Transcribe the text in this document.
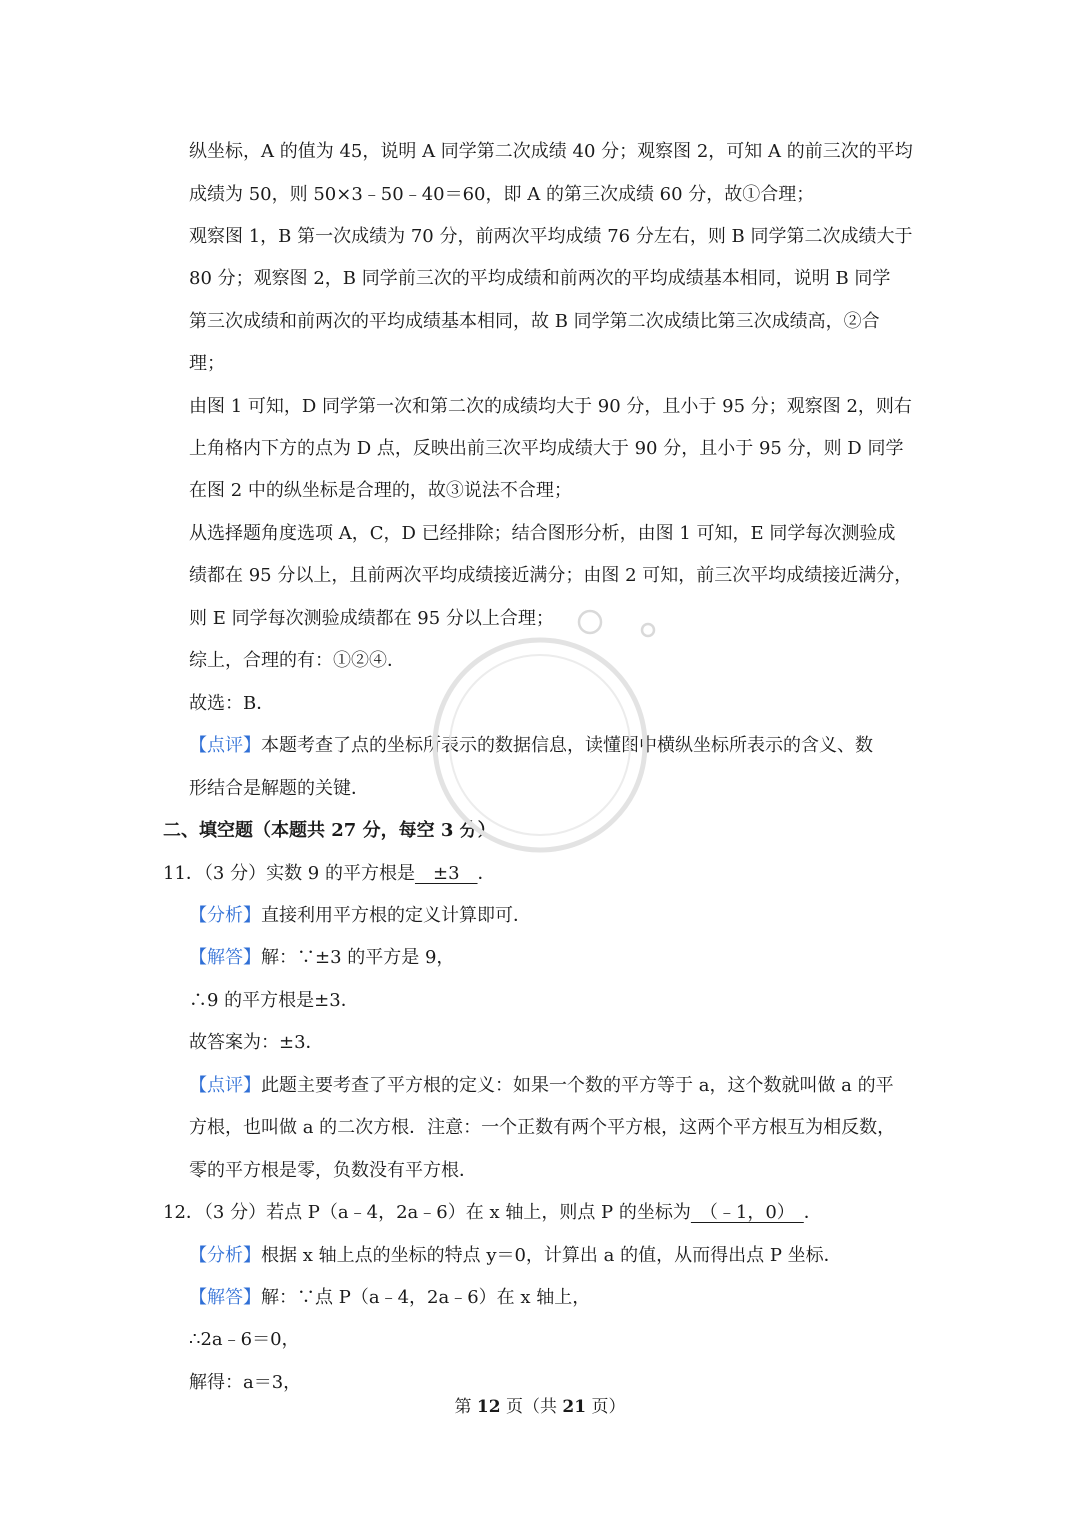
纵坐标，A 的值为 45，说明 A 同学第二次成绩 40 分；观察图 2，可知 A 的前三次的平均
成绩为 50，则 50×3﹣50﹣40＝60，即 A 的第三次成绩 60 分，故①合理；
观察图 1，B 第一次成绩为 70 分，前两次平均成绩 76 分左右，则 B 同学第二次成绩大于
80 分；观察图 2，B 同学前三次的平均成绩和前两次的平均成绩基本相同，说明 B 同学
第三次成绩和前两次的平均成绩基本相同，故 B 同学第二次成绩比第三次成绩高，②合
理；
由图 1 可知，D 同学第一次和第二次的成绩均大于 90 分，且小于 95 分；观察图 2，则右
上角格内下方的点为 D 点，反映出前三次平均成绩大于 90 分，且小于 95 分，则 D 同学
在图 2 中的纵坐标是合理的，故③说法不合理；
从选择题角度选项 A，C，D 已经排除；结合图形分析，由图 1 可知，E 同学每次测验成
绩都在 95 分以上，且前两次平均成绩接近满分；由图 2 可知，前三次平均成绩接近满分，
则 E 同学每次测验成绩都在 95 分以上合理；
综上，合理的有：①②④．
故选：B．
【点评】本题考查了点的坐标所表示的数据信息，读懂图中横纵坐标所表示的含义、数
形结合是解题的关键．
二、填空题（本题共 27 分，每空 3 分）
11．（3 分）实数 9 的平方根是　±3　．
【分析】直接利用平方根的定义计算即可．
【解答】解：∵±3 的平方是 9，
∴9 的平方根是±3．
故答案为：±3．
【点评】此题主要考查了平方根的定义：如果一个数的平方等于 a，这个数就叫做 a 的平
方根，也叫做 a 的二次方根．注意：一个正数有两个平方根，这两个平方根互为相反数，
零的平方根是零，负数没有平方根．
12．（3 分）若点 P（a﹣4，2a﹣6）在 x 轴上，则点 P 的坐标为　（﹣1，0）　．
【分析】根据 x 轴上点的坐标的特点 y＝0，计算出 a 的值，从而得出点 P 坐标．
【解答】解：∵点 P（a﹣4，2a﹣6）在 x 轴上，
∴2a﹣6＝0，
解得：a＝3，
第 12 页（共 21 页）
